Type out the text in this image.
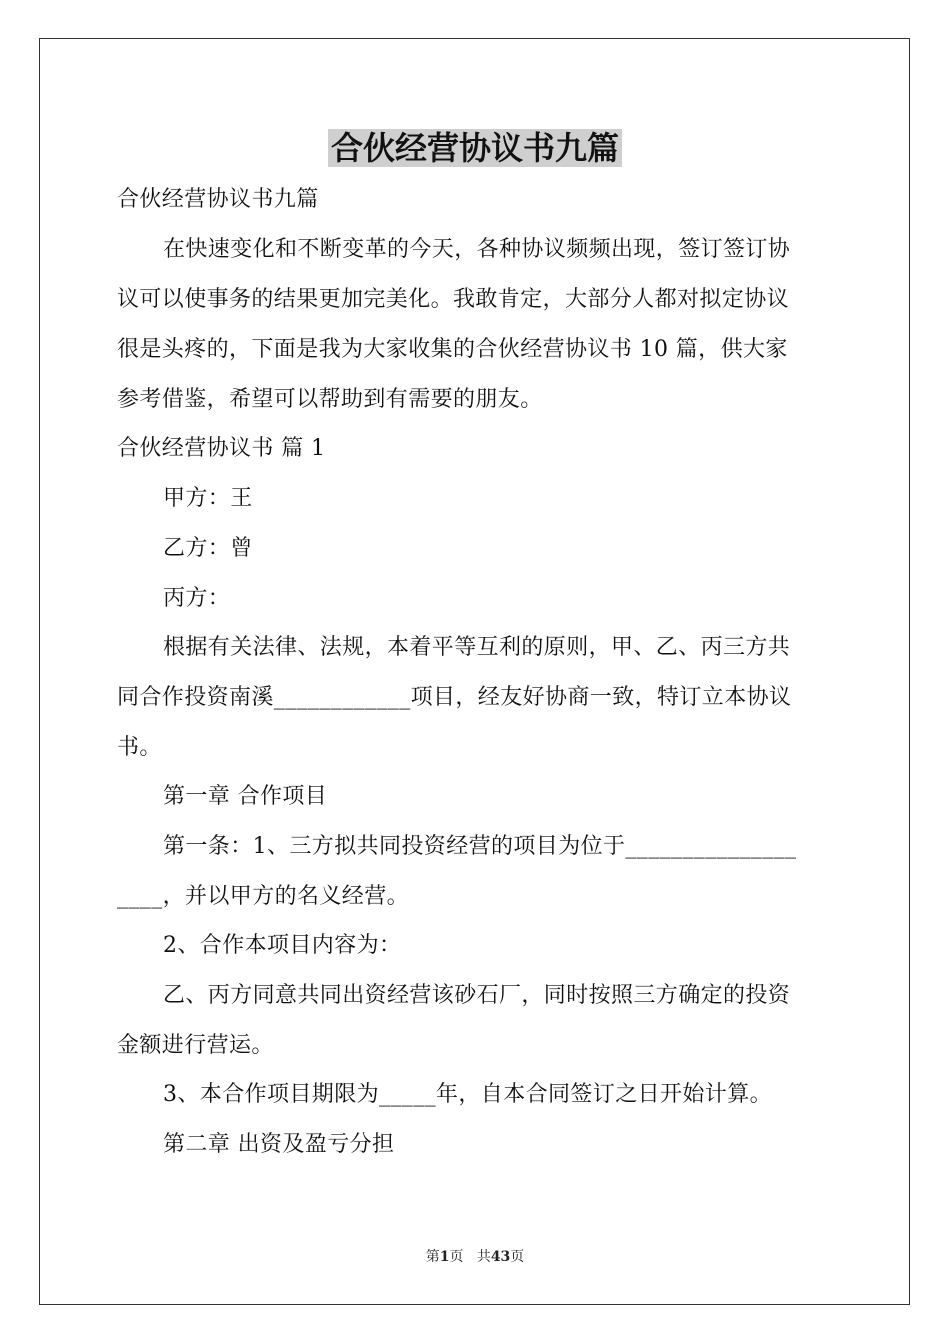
合伙经营协议书九篇

合伙经营协议书九篇

在快速变化和不断变革的今天，各种协议频频出现，签订签订协

议可以使事务的结果更加完美化。我敢肯定，大部分人都对拟定协议

很是头疼的，下面是我为大家收集的合伙经营协议书 10 篇，供大家

参考借鉴，希望可以帮助到有需要的朋友。

合伙经营协议书 篇 1

甲方：王

乙方：曾

丙方：

根据有关法律、法规，本着平等互利的原则，甲、乙、丙三方共

同合作投资南溪____________项目，经友好协商一致，特订立本协议

书。

第一章 合作项目

第一条：1、三方拟共同投资经营的项目为位于_______________

____，并以甲方的名义经营。

2、合作本项目内容为：

乙、丙方同意共同出资经营该砂石厂，同时按照三方确定的投资

金额进行营运。

3、本合作项目期限为_____年，自本合同签订之日开始计算。

第二章 出资及盈亏分担

第1页 共43页
